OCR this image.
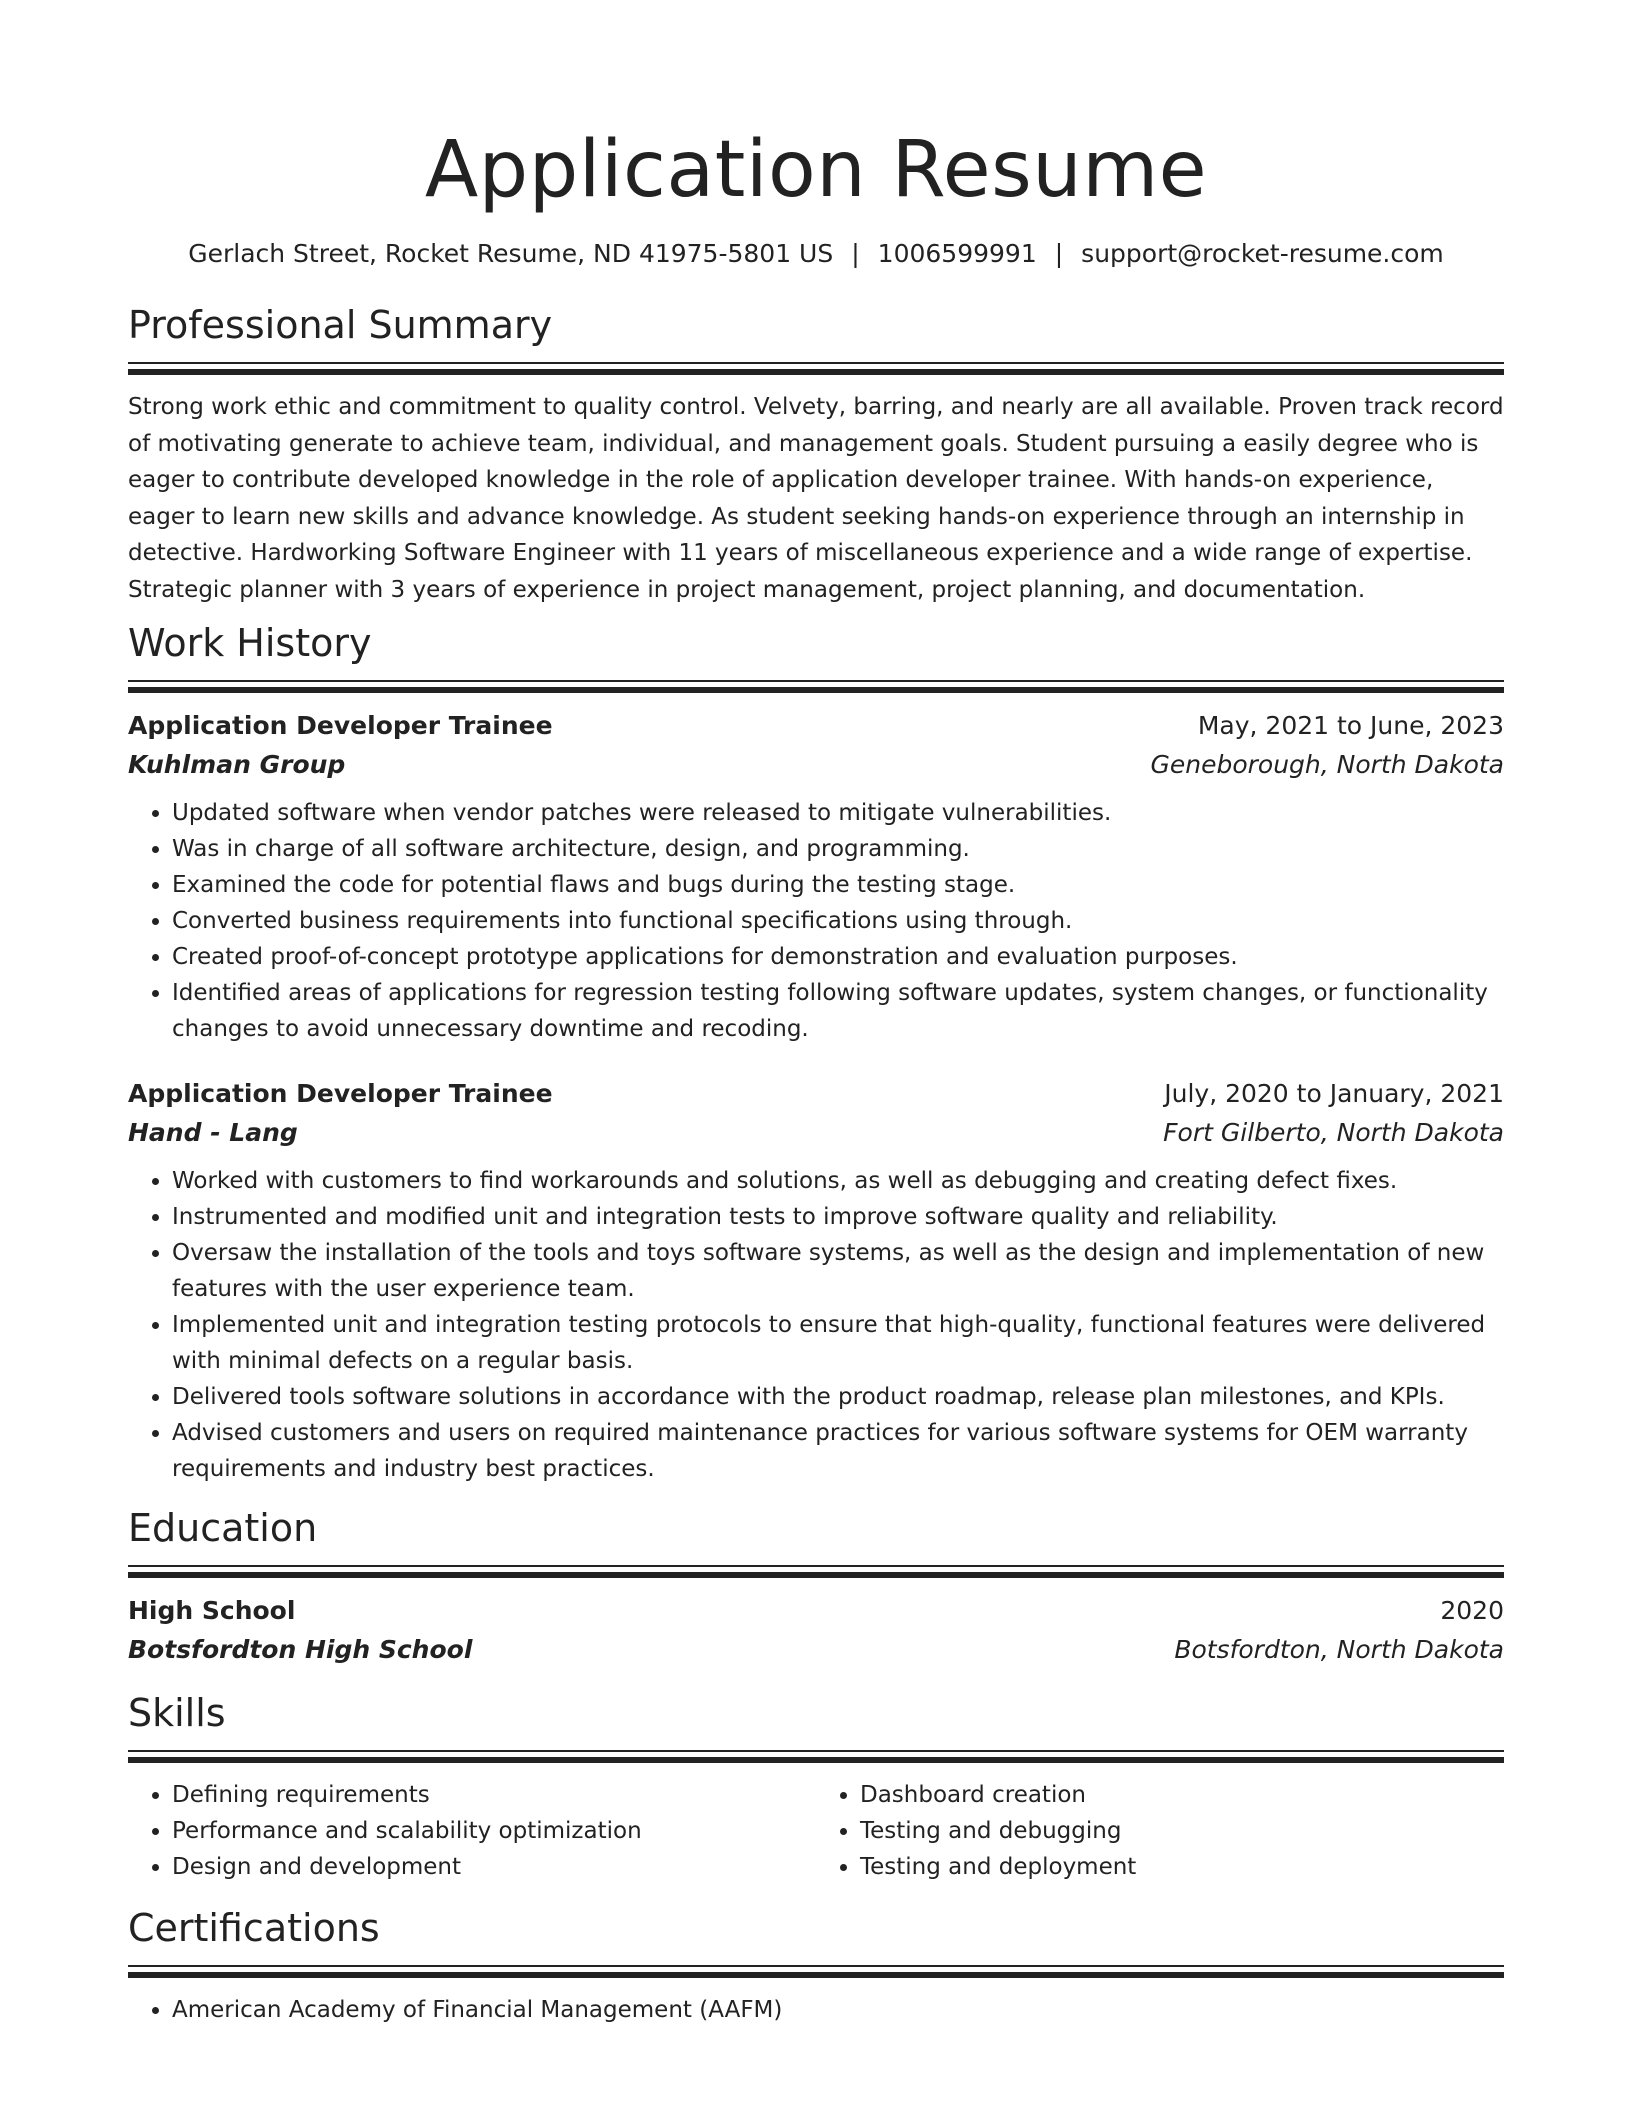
Application Resume
Gerlach Street, Rocket Resume, ND 41975-5801 US | 1006599991 | support@rocket-resume.com
Professional Summary

Strong work ethic and commitment to quality control. Velvety, barring, and nearly are all available. Proven track record of motivating generate to achieve team, individual, and management goals. Student pursuing a easily degree who is eager to contribute developed knowledge in the role of application developer trainee. With hands-on experience, eager to learn new skills and advance knowledge. As student seeking hands-on experience through an internship in detective. Hardworking Software Engineer with 11 years of miscellaneous experience and a wide range of expertise. Strategic planner with 3 years of experience in project management, project planning, and documentation.

Work History
Application Developer Trainee	May, 2021 to June, 2023
Kuhlman Group	Geneborough, North Dakota
• Updated software when vendor patches were released to mitigate vulnerabilities.
• Was in charge of all software architecture, design, and programming.
• Examined the code for potential flaws and bugs during the testing stage.
• Converted business requirements into functional specifications using through.
• Created proof-of-concept prototype applications for demonstration and evaluation purposes.
• Identified areas of applications for regression testing following software updates, system changes, or functionality changes to avoid unnecessary downtime and recoding.
Application Developer Trainee	July, 2020 to January, 2021
Hand - Lang	Fort Gilberto, North Dakota
• Worked with customers to find workarounds and solutions, as well as debugging and creating defect fixes.
• Instrumented and modified unit and integration tests to improve software quality and reliability.
• Oversaw the installation of the tools and toys software systems, as well as the design and implementation of new features with the user experience team.
• Implemented unit and integration testing protocols to ensure that high-quality, functional features were delivered with minimal defects on a regular basis.
• Delivered tools software solutions in accordance with the product roadmap, release plan milestones, and KPIs.
• Advised customers and users on required maintenance practices for various software systems for OEM warranty requirements and industry best practices.
Education
High School	2020
Botsfordton High School	Botsfordton, North Dakota
Skills
• Defining requirements
• Performance and scalability optimization
• Design and development
• Dashboard creation
• Testing and debugging
• Testing and deployment
Certifications
• American Academy of Financial Management (AAFM)
